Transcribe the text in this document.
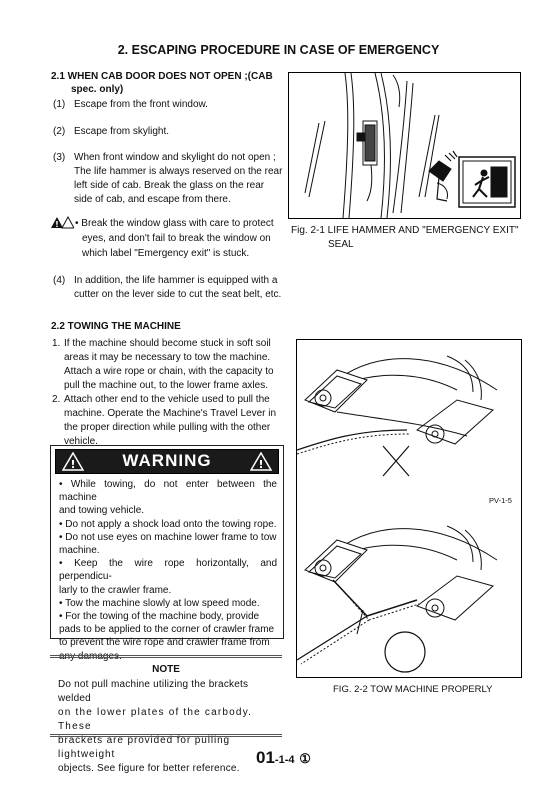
2. ESCAPING PROCEDURE IN CASE OF EMERGENCY
2.1 WHEN CAB DOOR DOES NOT OPEN ;(CAB
spec. only)
(1) Escape from the front window.
(2) Escape from skylight.
(3) When front window and skylight do not open ;
The life hammer is always reserved on the rear
left side of cab. Break the glass on the rear
side of cab, and escape from there.
! • Break the window glass with care to protect
eyes, and don't fail to break the window on
which label "Emergency exit" is stuck.
(4) In addition, the life hammer is equipped with a
cutter on the lever side to cut the seat belt, etc.
Fig. 2-1 LIFE HAMMER AND "EMERGENCY EXIT"
SEAL
2.2 TOWING THE MACHINE
1. If the machine should become stuck in soft soil
areas it may be necessary to tow the machine.
Attach a wire rope or chain, with the capacity to
pull the machine out, to the lower frame axles.
2. Attach other end to the vehicle used to pull the
machine. Operate the Machine's Travel Lever in
the proper direction while pulling with the other
vehicle.
!	WARNING	!
• While towing, do not enter between the machine
and towing vehicle.
• Do not apply a shock load onto the towing rope.
• Do not use eyes on machine lower frame to tow
machine.
• Keep the wire rope horizontally, and perpendicu-
larly to the crawler frame.
• Tow the machine slowly at low speed mode.
• For the towing of the machine body, provide
pads to be applied to the corner of crawler frame
to prevent the wire rope and crawler frame from
any damages.
NOTE
Do not pull machine utilizing the brackets welded
on the lower plates of the carbody. These
brackets are provided for pulling lightweight
objects. See figure for better reference.
PV-1-5
FIG. 2-2 TOW MACHINE PROPERLY
01-1-4 ①
